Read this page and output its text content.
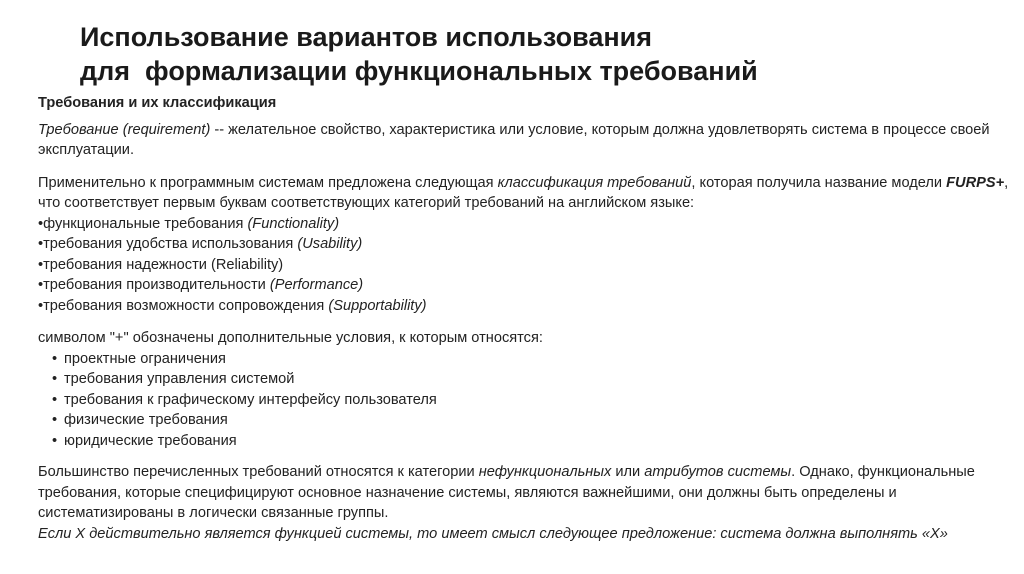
Использование вариантов использования
для  формализации функциональных требований

Требования и их классификация

Требование (requirement) -- желательное свойство, характеристика или условие, которым должна удовлетворять система в процессе своей эксплуатации.

Применительно к программным системам предложена следующая классификация требований, которая получила название модели FURPS+, что соответствует первым буквам соответствующих категорий требований на английском языке:

• функциональные требования (Functionality)
• требования удобства использования (Usability)
• требования надежности (Reliability)
• требования производительности (Performance)
• требования возможности сопровождения (Supportability)

символом "+" обозначены дополнительные условия, к которым относятся:

• проектные ограничения
• требования управления системой
• требования к графическому интерфейсу пользователя
• физические требования
• юридические требования

Большинство перечисленных требований относятся к категории нефункциональных или атрибутов системы. Однако, функциональные требования, которые специфицируют основное назначение системы, являются важнейшими, они должны быть определены и систематизированы в логически связанные группы.

Если X действительно является функцией системы, то имеет смысл следующее предложение: система должна выполнять «X»
